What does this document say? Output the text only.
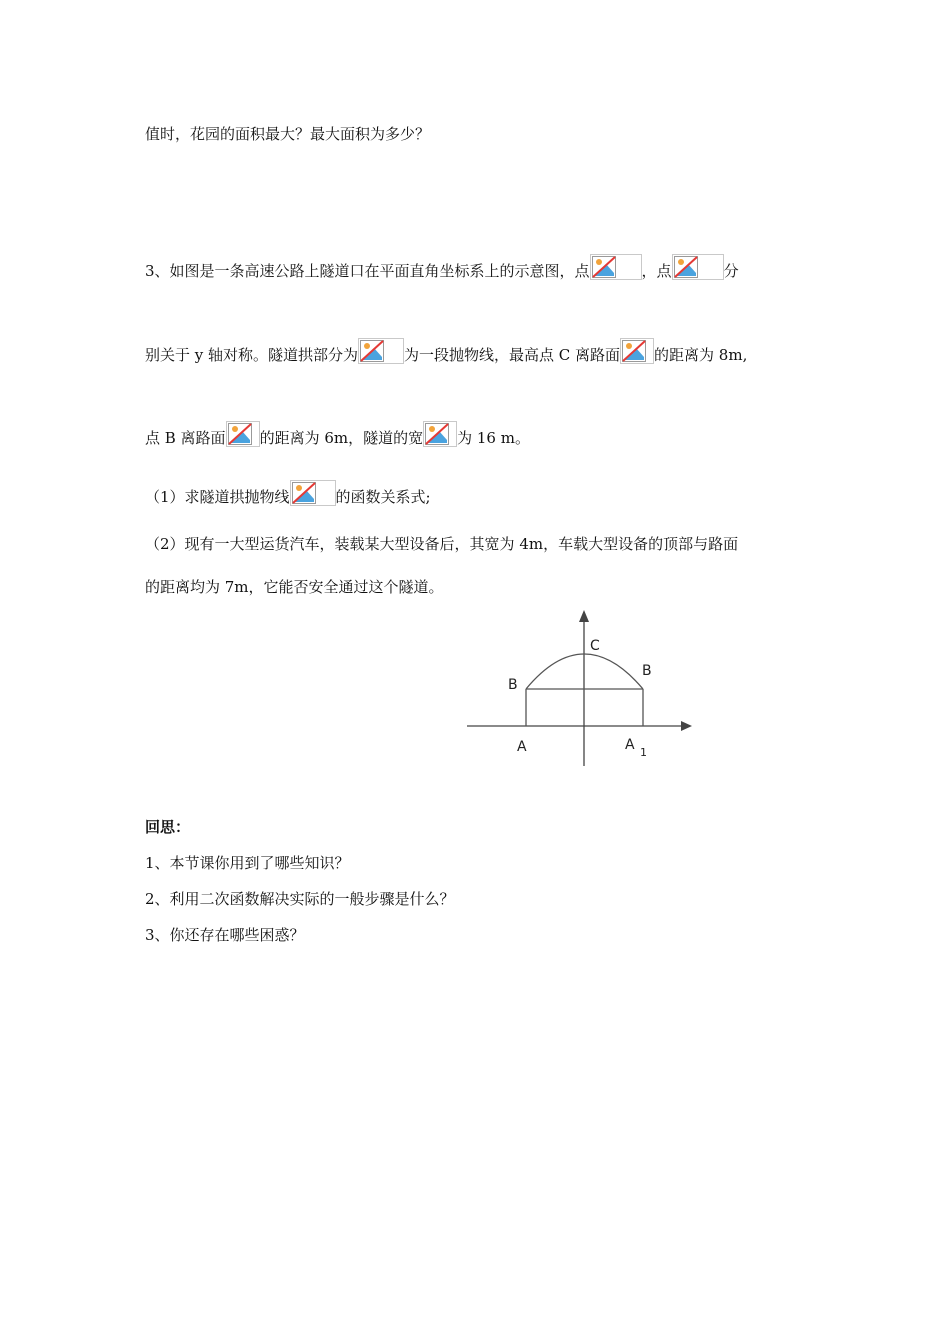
值时，花园的面积最大？最大面积为多少？
3、如图是一条高速公路上隧道口在平面直角坐标系上的示意图，点	，点	分
别关于 y 轴对称。隧道拱部分为	为一段抛物线，最高点 C 离路面 的距离为 8m,
点 B 离路面 的距离为 6m，隧道的宽 为 16 m。
（1）求隧道拱抛物线	的函数关系式;
（2）现有一大型运货汽车，装载某大型设备后，其宽为 4m，车载大型设备的顶部与路面
的距离均为 7m，它能否安全通过这个隧道。
C
B
B
A	A 1
回思：
1、本节课你用到了哪些知识？
2、利用二次函数解决实际的一般步骤是什么？
3、你还存在哪些困惑？
